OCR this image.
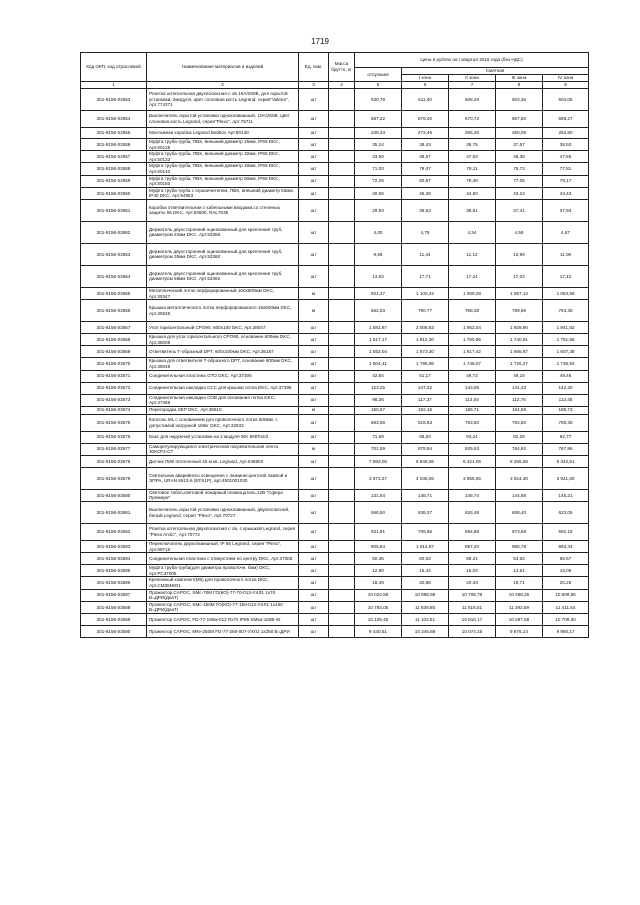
1719
Код ОКП, код отраслевой	Наименование материалов и изделий	Ед. изм.	Масса брутто, кг	Цена в рублях на I квартал 2016 года (без НДС)				
				отпускная	Сметная			
					I зона	II зона	III зона	IV зона
1	2	3	4	5	6	7	8	9
301-8156-03553	Розетка штепсельная двухполюсная с з/к 16А/250В, для скрытой установки, 2модуля, цвет слоновая кость Legrand, серия"Valena", Арт.774371	шт		530,79	611,40	608,26	603,36	604,05
301-8156-03554	Выключатель скрытой установки одноклавишный, 10А/250В, цвет слоновая кость Legrand, серия"Plexo", Арт.75711	шт		587,22	676,40	670,72	667,50	668,27
301-8156-03555	Монтажная коробка Legrand Batibox Арт.80140	шт		248,33	272,46	265,26	260,08	262,80
301-8156-03556	Муфта труба-труба, ПВХ, внешний диаметр 25мм, IP65 DKC, Арт.50125	шт		35,24	39,43	38,75	37,57	38,50
301-8156-03557	Муфта труба-труба, ПВХ, внешний диаметр 32мм, IP65 DKC, Арт.50132	шт		43,50	48,67	47,83	46,38	47,65
301-8156-03558	Муфта труба-труба, ПВХ, внешний диаметр 40мм, IP65 DKC, Арт.50140	шт		71,03	79,47	78,11	75,73	77,81
301-8156-03559	Муфта труба-труба, ПВХ, внешний диаметр 50мм, IP65 DKC, Арт.50150	шт		72,28	80,87	79,48	77,06	79,17
301-8156-03560	Муфта труба-труба с ограничителем, ПВХ, внешний диаметр 63мм, IP40 DKC, Арт.54963	шт		40,56	45,38	44,60	43,24	44,43
301-8156-03561	Коробка ответвительная с кабельными вводами,со степенью защиты 55 DKC, Арт.53600, RAL7035	шт		29,93	39,63	38,61	37,41	37,93
301-8156-03562	Держатель двухсторонний оцинкованный для крепления труб, диаметром 22мм DKC, Арт.53356	шт		4,00	4,79	4,54	4,59	4,67
301-8156-03563	Держатель двухсторонний оцинкованный для крепления труб, диаметром 35мм DKC, Арт.53360	шт		9,59	11,44	11,12	10,99	11,06
301-8156-03564	Держатель двухсторонний оцинкованный для крепления труб, диаметром 58мм DKC, Арт.53362	шт		14,83	17,71	17,21	17,02	17,12
301-8156-03565	Металлический лоток перфорированный 100x600мм DKC, Арт.35347	м		921,27	1 100,42	1 069,28	1 057,13	1 063,66
301-8156-03566	Крышка металлического лотка перфорированного 15x600мм DKC, Арт.35526	м		662,03	790,77	768,38	759,66	764,35
301-8156-03567	Угол горизонтальный CPO90, 600x100 DKC, Арт.38047	шт		1 681,67	2 008,83	1 952,04	1 929,90	1 941,82
301-8156-03568	Крышка для угла горизонтального CPO90, основание 600мм DKC, Арт.38008	шт		1 517,17	1 812,30	1 760,86	1 740,91	1 751,66
301-8156-03569	Ответвитель Т-образный DPT, 600x100мм DKC, Арт.36187	шт		1 552,04	1 673,30	1 617,42	1 695,67	1 607,38
301-8156-03570	Крышка для ответвителя Т-образного DPT, основание 600мм DKC, Арт.38048	шт		1 504,41	1 796,96	1 746,07	1 726,27	1 736,93
301-8156-03571	Соединительная пластина GTO DKC, Арт.37306	шт		42,84	51,17	49,72	49,16	49,46
301-8156-03572	Соединительная накладка ССС для крышки лотка DKC, Арт.37398	шт		123,25	147,22	143,05	141,43	142,30
301-8156-03573	Соединительная накладка СОВ для основания лотка DKC, Арт.37358	шт		98,26	117,37	114,04	112,75	113,45
301-8156-03574	Перегородка SEP DKC, Арт.36510	м		160,67	192,15	186,71	184,59	185,73
301-8156-03575	Консоль ML с основанием для проволочного лотка 600мм, с допустимой нагрузкой 160кг DKC, Арт.32633	шт		683,68	816,63	793,50	784,50	789,35
301-8156-03576	Бокс для наружной установки на 2 модуля IEK КМПн2/2	шт		71,69	85,63	83,21	82,26	82,77
301-8156-03577	Саморегулирующаяся электрическая нагревательная лента, 30КСР2-CT	м		701,59	878,94	825,53	764,92	767,96
301-8156-03578	Датчик ПИК потолочный 45 м.кв. Legrand, Арт.048803	шт		7 883,05	8 849,06	8 421,06	8 255,56	8 342,51
301-8156-03579	Светильник аварийного освещения с люминесцентной лампой и ЭПРА, URAN 6513-6 (EFS1P), арт.4501001030	шт		3 573,27	4 036,56	3 955,65	3 924,30	3 941,60
301-8156-03580	Световое табло,световой пожарный оповещатель,12В "Сфера Премиум"	шт		131,64	148,71	145,74	144,58	145,21
301-8156-03581	Выключатель скрытой установки одноклавишный, двухполюсной, белый Legrand, серия "Plexo", Арт.70727	шт		568,50	636,37	626,48	608,40	623,05
301-8156-03582	Розетка штепсельная двухполюсная с з/к, с крышкой Legrand, серия "Plexo Arctic", Арт.70772	шт		631,91	706,96	694,88	673,68	692,18
301-8156-03583	Переключатель двухклавишный, IP 65 Legrand, серия "Plexo", Арт.69715	шт		906,84	1 014,57	997,20	966,78	993,34
301-8156-03584	Соединительная пластина с отверстием по центру DKC, Арт.37306	шт		50,36	60,02	59,21	54,92	56,57
301-8156-03585	Муфта труба-труба(для диаметра проволочн. бим) DKC, Арт.РС37005	шт		12,80	15,44	15,04	14,61	15,08
301-8156-03586	Крепежный комплект(М6) для проволочного лотка DKC, Арт.CM35N001	шт		18,49	20,68	20,33	19,71	20,25
301-8156-03587	Прожектор CAPOC, SMc-70М ГО(КО)-77-70-013-УХЛ1 1x70 В=ДРИ(ДнаТ)	шт		10 024,58	10 998,68	10 706,78	10 468,26	10 609,86
301-8156-03588	Прожектор CAPOC, SMc-150М ГО(КО)-77-150-013-УХЛ1 1x150 В=ДРИ(ДнаТ)	шт		10 793,05	11 839,85	11 516,01	11 292,59	11 411,54
301-8156-03589	Прожектор CAPOC, FD-77-150м-012 Rx7s IP65 SMsa-150В-W	шт		10 139,46	11 102,61	10 810,17	10 597,58	10 709,30
301-8156-03590	Прожектор CAPOC, КRe-250М FD-77-250-007-УХЛ1 1x250 В=ДРИ	шт		9 430,51	10 345,68	10 074,16	9 876,14	9 980,17
